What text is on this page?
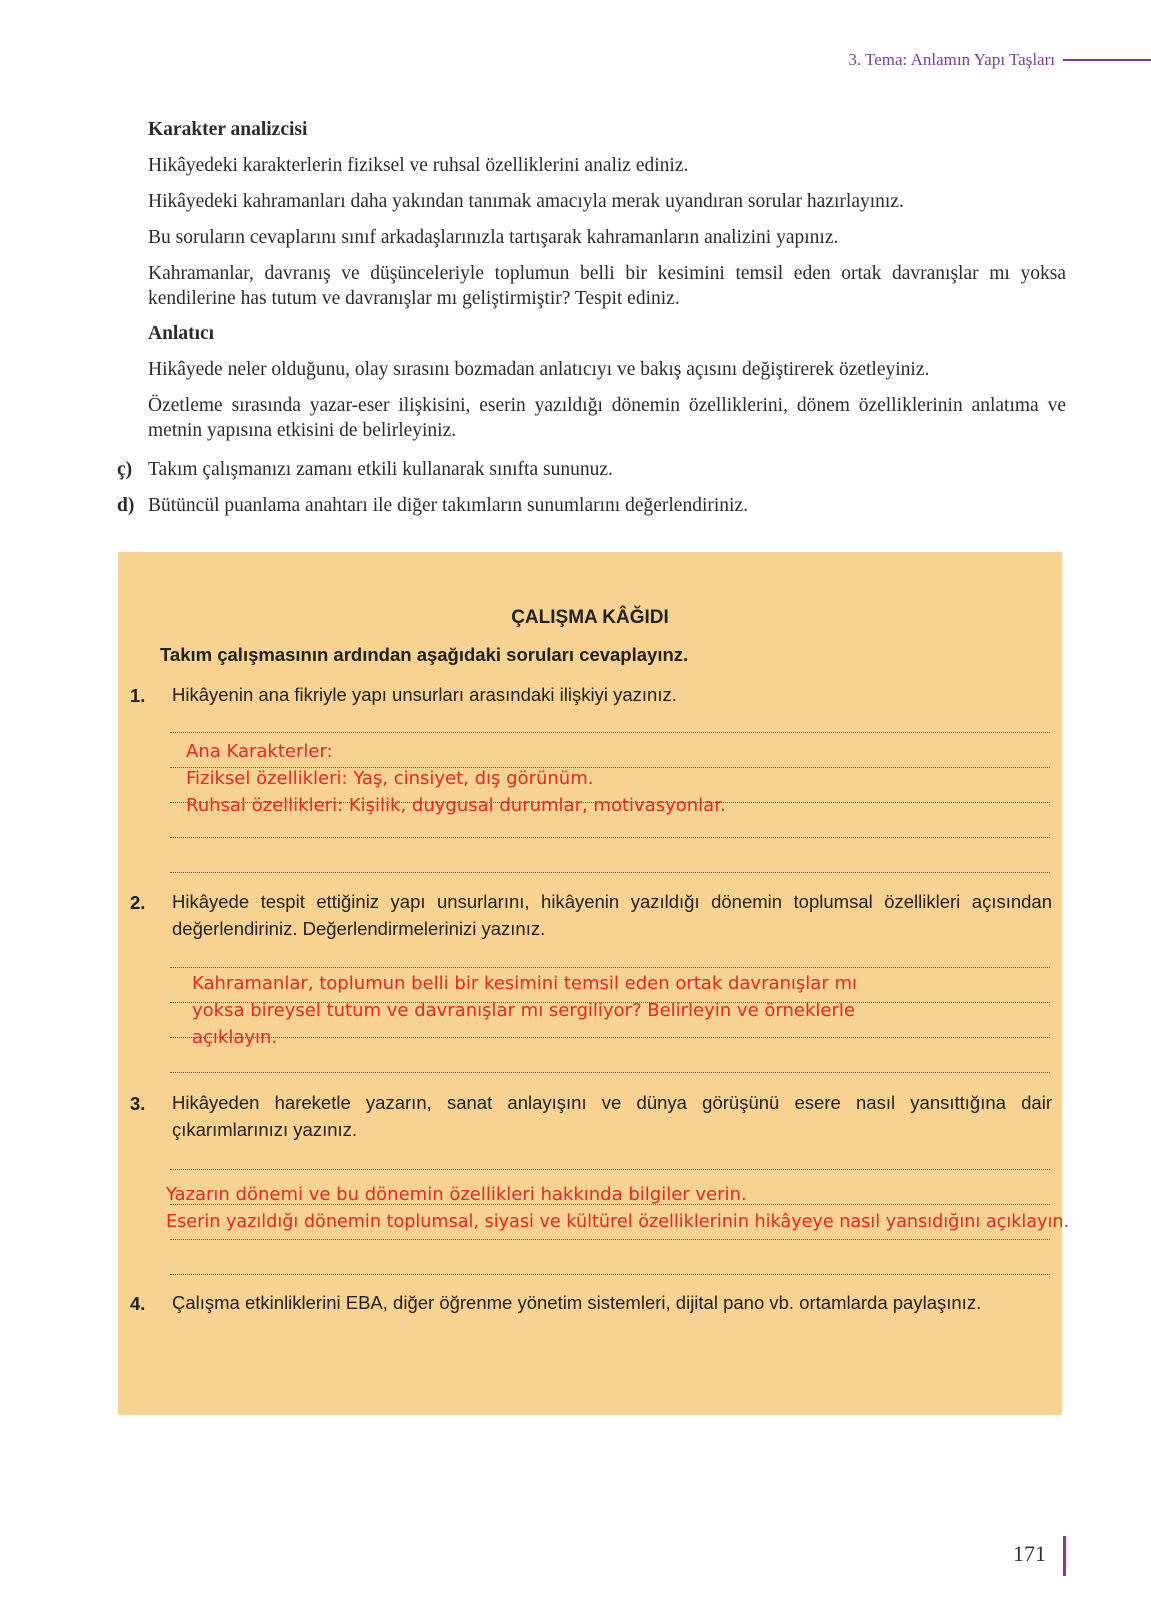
3. Tema: Anlamın Yapı Taşları
Karakter analizcisi
Hikâyedeki karakterlerin fiziksel ve ruhsal özelliklerini analiz ediniz.
Hikâyedeki kahramanları daha yakından tanımak amacıyla merak uyandıran sorular hazırlayınız.
Bu soruların cevaplarını sınıf arkadaşlarınızla tartışarak kahramanların analizini yapınız.
Kahramanlar, davranış ve düşünceleriyle toplumun belli bir kesimini temsil eden ortak davranışlar mı yoksa kendilerine has tutum ve davranışlar mı geliştirmiştir? Tespit ediniz.
Anlatıcı
Hikâyede neler olduğunu, olay sırasını bozmadan anlatıcıyı ve bakış açısını değiştirerek özetleyiniz.
Özetleme sırasında yazar-eser ilişkisini, eserin yazıldığı dönemin özelliklerini, dönem özelliklerinin anlatıma ve metnin yapısına etkisini de belirleyiniz.
ç) Takım çalışmanızı zamanı etkili kullanarak sınıfta sununuz.
d) Bütüncül puanlama anahtarı ile diğer takımların sunumlarını değerlendiriniz.
ÇALIŞMA KÂĞIDI
Takım çalışmasının ardından aşağıdaki soruları cevaplayınz.
1. Hikâyenin ana fikriyle yapı unsurları arasındaki ilişkiyi yazınız.
Ana Karakterler:
Fiziksel özellikleri: Yaş, cinsiyet, dış görünüm.
Ruhsal özellikleri: Kişilik, duygusal durumlar, motivasyonlar.
2. Hikâyede tespit ettiğiniz yapı unsurlarını, hikâyenin yazıldığı dönemin toplumsal özellikleri açısından değerlendiriniz. Değerlendirmelerinizi yazınız.
Kahramanlar, toplumun belli bir kesimini temsil eden ortak davranışlar mı
yoksa bireysel tutum ve davranışlar mı sergiliyor? Belirleyin ve örneklerle
açıklayın.
3. Hikâyeden hareketle yazarın, sanat anlayışını ve dünya görüşünü esere nasıl yansıttığına dair çıkarımlarınızı yazınız.
Yazarın dönemi ve bu dönemin özellikleri hakkında bilgiler verin.
Eserin yazıldığı dönemin toplumsal, siyasi ve kültürel özelliklerinin hikâyeye nasıl yansıdığını açıklayın.
4. Çalışma etkinliklerini EBA, diğer öğrenme yönetim sistemleri, dijital pano vb. ortamlarda paylaşınız.
171
